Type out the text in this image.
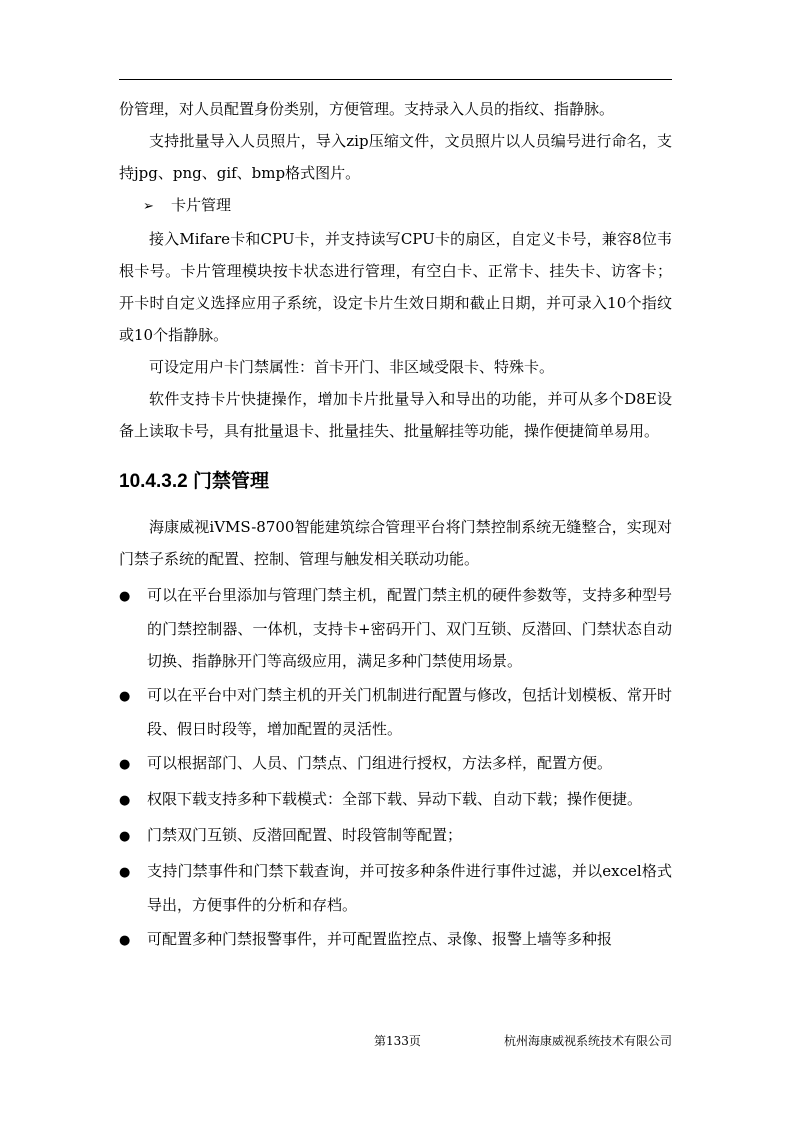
份管理，对人员配置身份类别，方便管理。支持录入人员的指纹、指静脉。

支持批量导入人员照片，导入zip压缩文件，文员照片以人员编号进行命名，支持jpg、png、gif、bmp格式图片。

➢ 卡片管理

接入Mifare卡和CPU卡，并支持读写CPU卡的扇区，自定义卡号，兼容8位韦根卡号。卡片管理模块按卡状态进行管理，有空白卡、正常卡、挂失卡、访客卡；开卡时自定义选择应用子系统，设定卡片生效日期和截止日期，并可录入10个指纹或10个指静脉。

可设定用户卡门禁属性：首卡开门、非区域受限卡、特殊卡。

软件支持卡片快捷操作，增加卡片批量导入和导出的功能，并可从多个D8E设备上读取卡号，具有批量退卡、批量挂失、批量解挂等功能，操作便捷简单易用。

10.4.3.2 门禁管理

海康威视iVMS-8700智能建筑综合管理平台将门禁控制系统无缝整合，实现对门禁子系统的配置、控制、管理与触发相关联动功能。

● 可以在平台里添加与管理门禁主机，配置门禁主机的硬件参数等，支持多种型号的门禁控制器、一体机，支持卡+密码开门、双门互锁、反潜回、门禁状态自动切换、指静脉开门等高级应用，满足多种门禁使用场景。

● 可以在平台中对门禁主机的开关门机制进行配置与修改，包括计划模板、常开时段、假日时段等，增加配置的灵活性。

● 可以根据部门、人员、门禁点、门组进行授权，方法多样，配置方便。

● 权限下载支持多种下载模式：全部下载、异动下载、自动下载；操作便捷。

● 门禁双门互锁、反潜回配置、时段管制等配置；

● 支持门禁事件和门禁下载查询，并可按多种条件进行事件过滤，并以excel格式导出，方便事件的分析和存档。

● 可配置多种门禁报警事件，并可配置监控点、录像、报警上墙等多种报

第133页	杭州海康威视系统技术有限公司
